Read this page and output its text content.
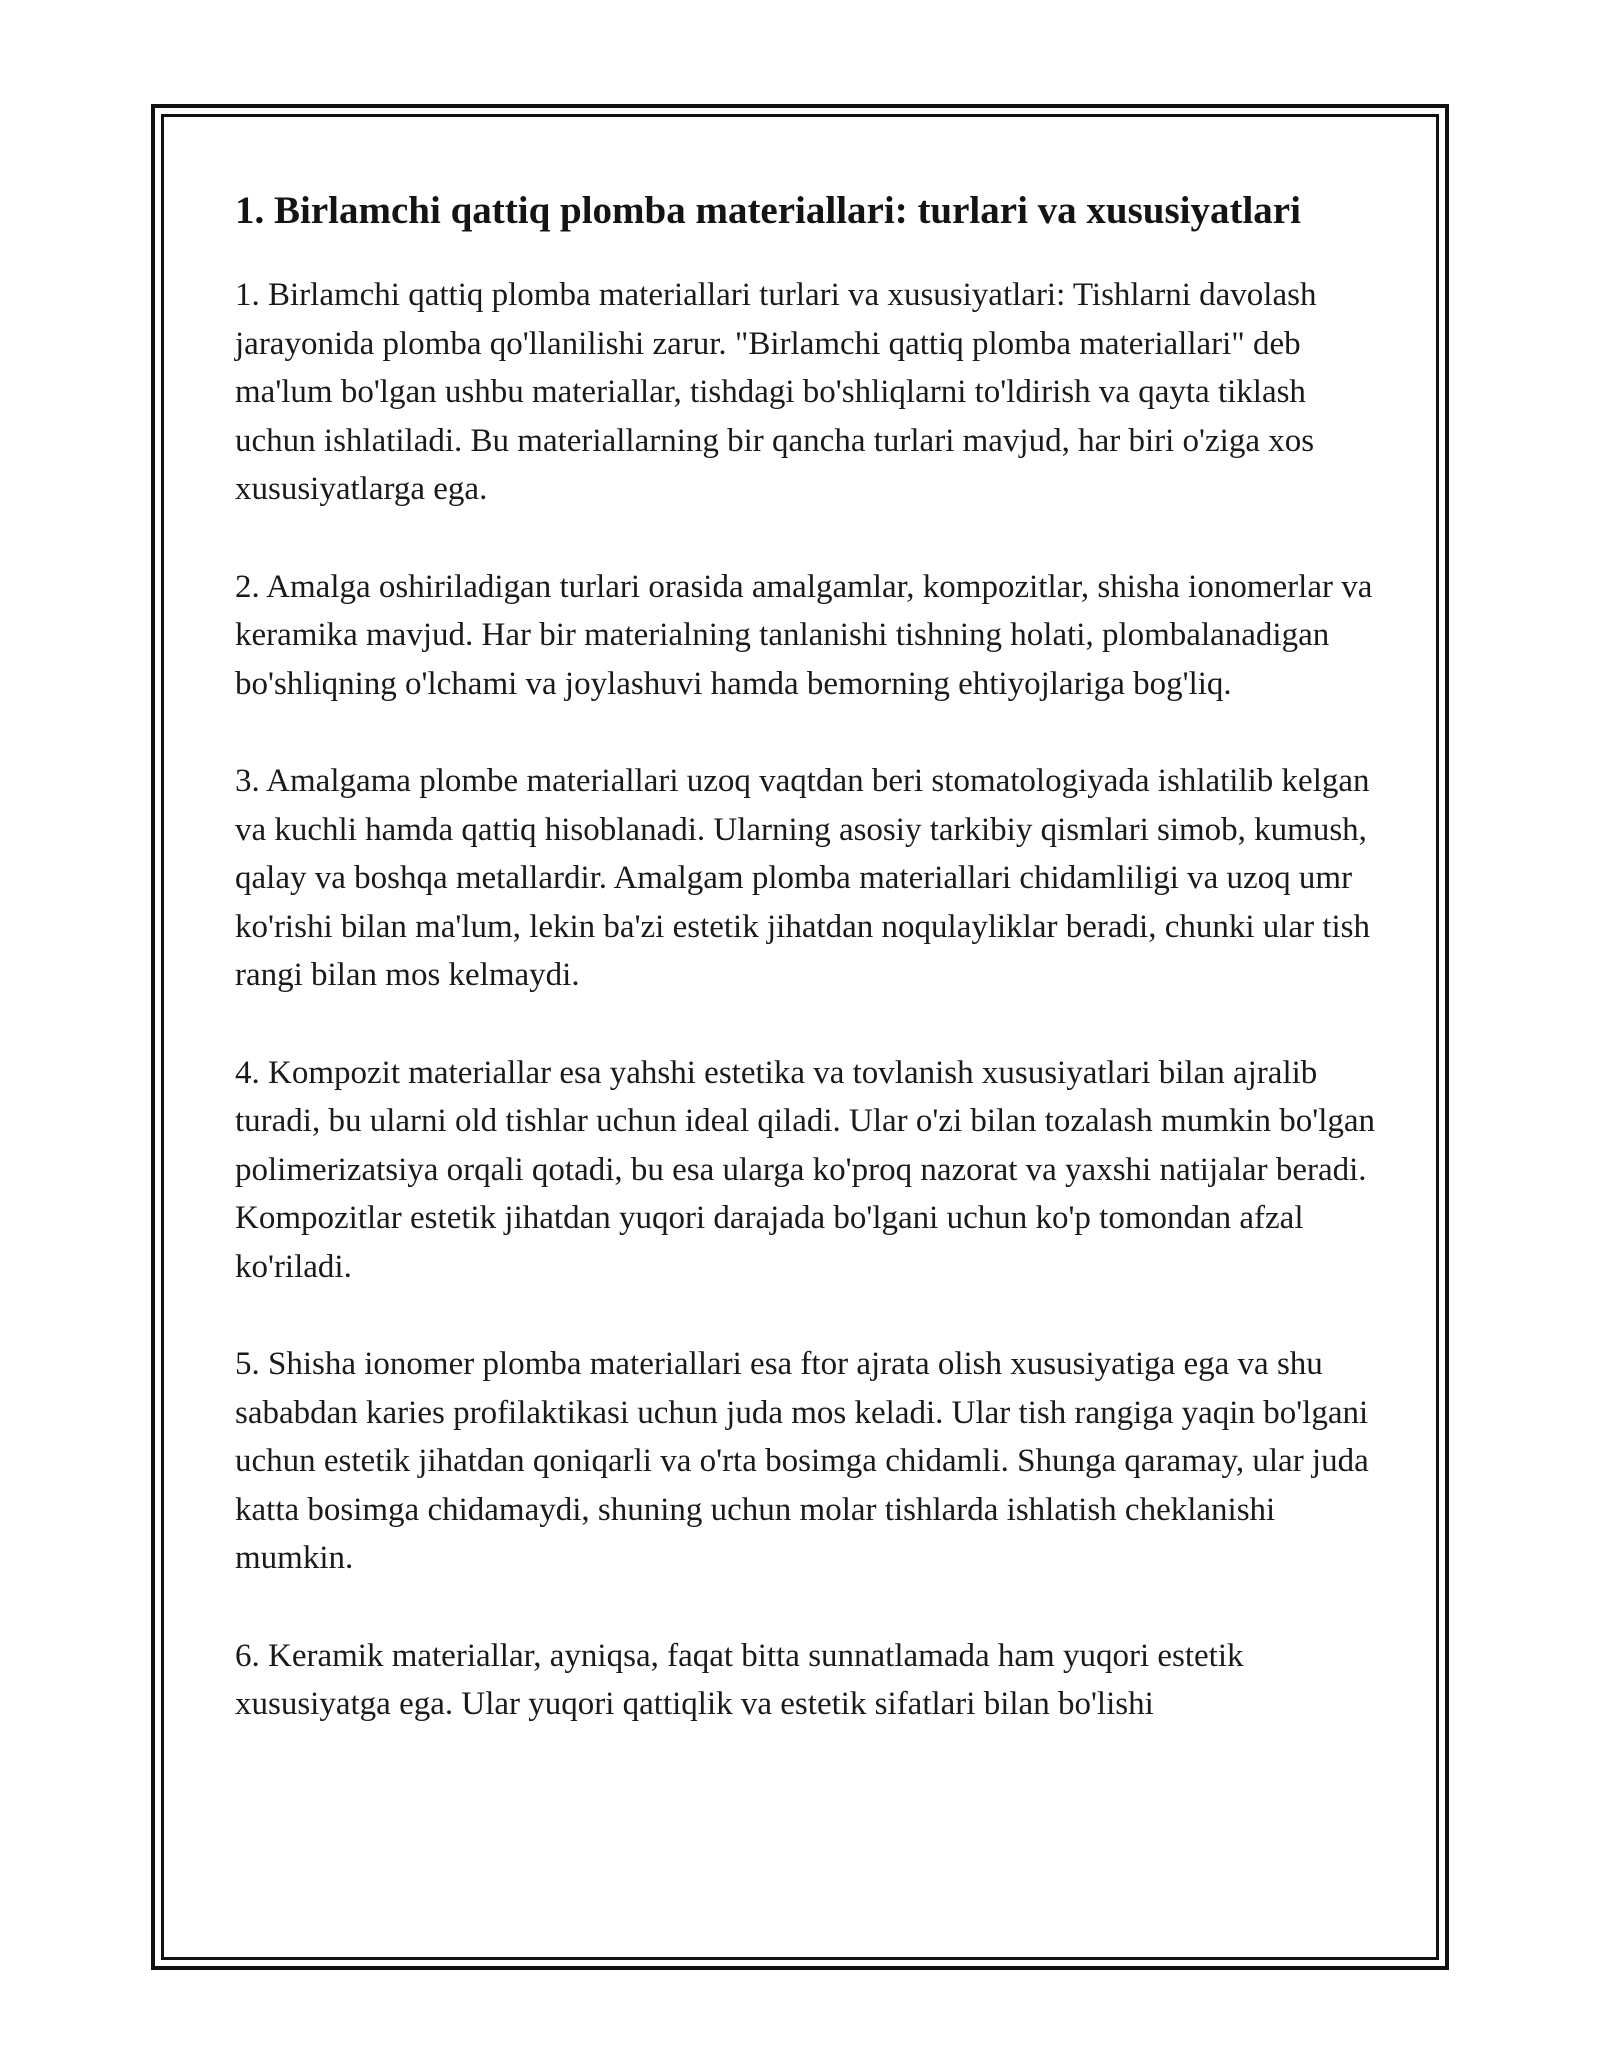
1. Birlamchi qattiq plomba materiallari: turlari va xususiyatlari

1. Birlamchi qattiq plomba materiallari turlari va xususiyatlari: Tishlarni davolash jarayonida plomba qo'llanilishi zarur. "Birlamchi qattiq plomba materiallari" deb ma'lum bo'lgan ushbu materiallar, tishdagi bo'shliqlarni to'ldirish va qayta tiklash uchun ishlatiladi. Bu materiallarning bir qancha turlari mavjud, har biri o'ziga xos xususiyatlarga ega.

2. Amalga oshiriladigan turlari orasida amalgamlar, kompozitlar, shisha ionomerlar va keramika mavjud. Har bir materialning tanlanishi tishning holati, plombalanadigan bo'shliqning o'lchami va joylashuvi hamda bemorning ehtiyojlariga bog'liq.

3. Amalgama plombe materiallari uzoq vaqtdan beri stomatologiyada ishlatilib kelgan va kuchli hamda qattiq hisoblanadi. Ularning asosiy tarkibiy qismlari simob, kumush, qalay va boshqa metallardir. Amalgam plomba materiallari chidamliligi va uzoq umr ko'rishi bilan ma'lum, lekin ba'zi estetik jihatdan noqulayliklar beradi, chunki ular tish rangi bilan mos kelmaydi.

4. Kompozit materiallar esa yahshi estetika va tovlanish xususiyatlari bilan ajralib turadi, bu ularni old tishlar uchun ideal qiladi. Ular o'zi bilan tozalash mumkin bo'lgan polimerizatsiya orqali qotadi, bu esa ularga ko'proq nazorat va yaxshi natijalar beradi. Kompozitlar estetik jihatdan yuqori darajada bo'lgani uchun ko'p tomondan afzal ko'riladi.

5. Shisha ionomer plomba materiallari esa ftor ajrata olish xususiyatiga ega va shu sababdan karies profilaktikasi uchun juda mos keladi. Ular tish rangiga yaqin bo'lgani uchun estetik jihatdan qoniqarli va o'rta bosimga chidamli. Shunga qaramay, ular juda katta bosimga chidamaydi, shuning uchun molar tishlarda ishlatish cheklanishi mumkin.

6. Keramik materiallar, ayniqsa, faqat bitta sunnatlamada ham yuqori estetik xususiyatga ega. Ular yuqori qattiqlik va estetik sifatlari bilan bo'lishi
